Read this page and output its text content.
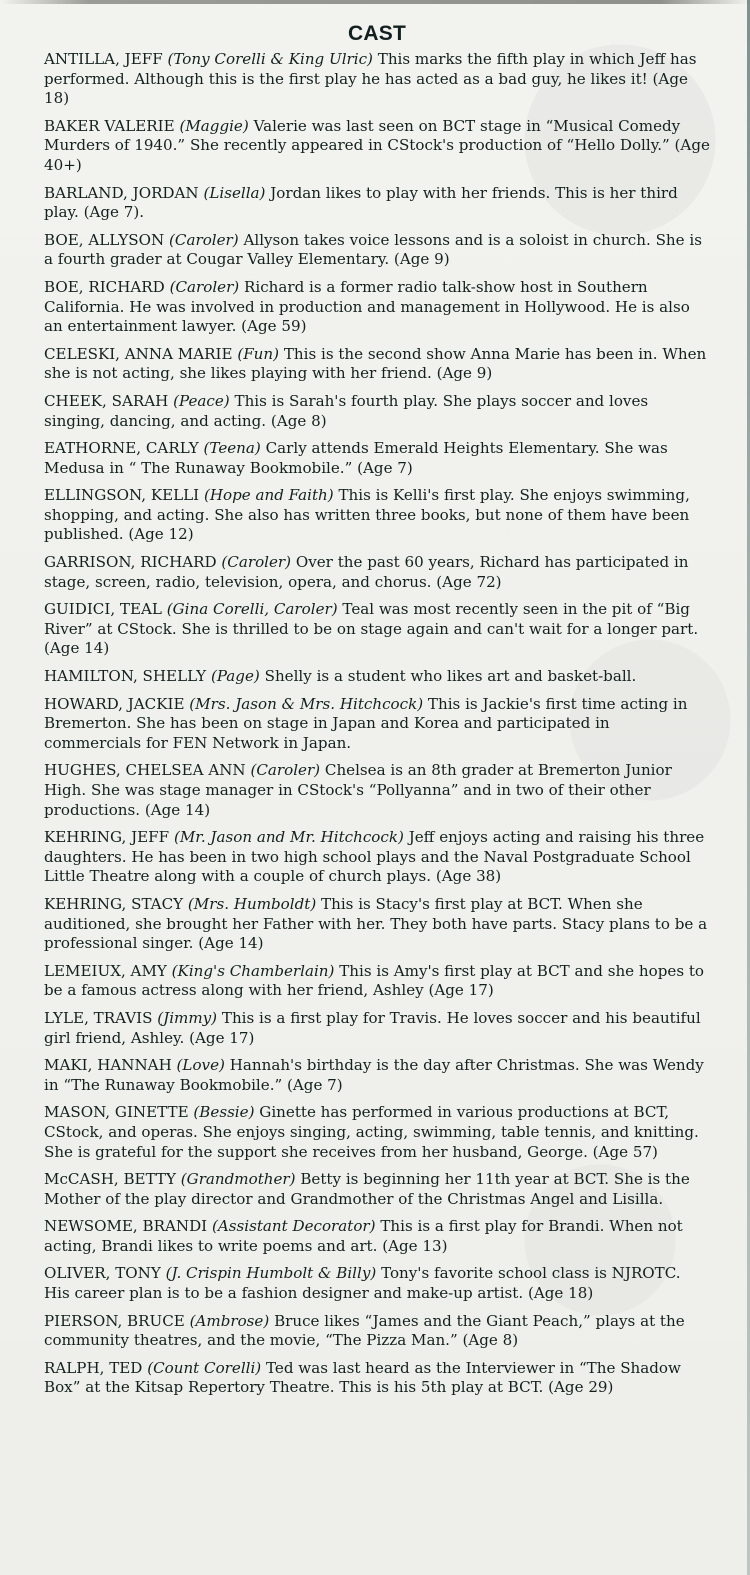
CAST

ANTILLA, JEFF (Tony Corelli & King Ulric) This marks the fifth play in which Jeff has performed. Although this is the first play he has acted as a bad guy, he likes it! (Age 18)

BAKER VALERIE (Maggie) Valerie was last seen on BCT stage in “Musical Comedy Murders of 1940.” She recently appeared in CStock's production of “Hello Dolly.” (Age 40+)

BARLAND, JORDAN (Lisella) Jordan likes to play with her friends. This is her third play. (Age 7).

BOE, ALLYSON (Caroler) Allyson takes voice lessons and is a soloist in church. She is a fourth grader at Cougar Valley Elementary. (Age 9)

BOE, RICHARD (Caroler) Richard is a former radio talk-show host in Southern California. He was involved in production and management in Hollywood. He is also an entertainment lawyer. (Age 59)

CELESKI, ANNA MARIE (Fun) This is the second show Anna Marie has been in. When she is not acting, she likes playing with her friend. (Age 9)

CHEEK, SARAH (Peace) This is Sarah's fourth play. She plays soccer and loves singing, dancing, and acting. (Age 8)

EATHORNE, CARLY (Teena) Carly attends Emerald Heights Elementary. She was Medusa in “ The Runaway Bookmobile.” (Age 7)

ELLINGSON, KELLI (Hope and Faith) This is Kelli's first play. She enjoys swimming, shopping, and acting. She also has written three books, but none of them have been published. (Age 12)

GARRISON, RICHARD (Caroler) Over the past 60 years, Richard has participated in stage, screen, radio, television, opera, and chorus. (Age 72)

GUIDICI, TEAL (Gina Corelli, Caroler) Teal was most recently seen in the pit of “Big River” at CStock. She is thrilled to be on stage again and can't wait for a longer part. (Age 14)

HAMILTON, SHELLY (Page) Shelly is a student who likes art and basket-ball.

HOWARD, JACKIE (Mrs. Jason & Mrs. Hitchcock) This is Jackie's first time acting in Bremerton. She has been on stage in Japan and Korea and participated in commercials for FEN Network in Japan.

HUGHES, CHELSEA ANN (Caroler) Chelsea is an 8th grader at Bremerton Junior High. She was stage manager in CStock's “Pollyanna” and in two of their other productions. (Age 14)

KEHRING, JEFF (Mr. Jason and Mr. Hitchcock) Jeff enjoys acting and raising his three daughters. He has been in two high school plays and the Naval Postgraduate School Little Theatre along with a couple of church plays. (Age 38)

KEHRING, STACY (Mrs. Humboldt) This is Stacy's first play at BCT. When she auditioned, she brought her Father with her. They both have parts. Stacy plans to be a professional singer. (Age 14)

LEMEIUX, AMY (King's Chamberlain) This is Amy's first play at BCT and she hopes to be a famous actress along with her friend, Ashley (Age 17)

LYLE, TRAVIS (Jimmy) This is a first play for Travis. He loves soccer and his beautiful girl friend, Ashley. (Age 17)

MAKI, HANNAH (Love) Hannah's birthday is the day after Christmas. She was Wendy in “The Runaway Bookmobile.” (Age 7)

MASON, GINETTE (Bessie) Ginette has performed in various productions at BCT, CStock, and operas. She enjoys singing, acting, swimming, table tennis, and knitting. She is grateful for the support she receives from her husband, George. (Age 57)

McCASH, BETTY (Grandmother) Betty is beginning her 11th year at BCT. She is the Mother of the play director and Grandmother of the Christmas Angel and Lisilla.

NEWSOME, BRANDI (Assistant Decorator) This is a first play for Brandi. When not acting, Brandi likes to write poems and art. (Age 13)

OLIVER, TONY (J. Crispin Humbolt & Billy) Tony's favorite school class is NJROTC. His career plan is to be a fashion designer and make-up artist. (Age 18)

PIERSON, BRUCE (Ambrose) Bruce likes “James and the Giant Peach,” plays at the community theatres, and the movie, “The Pizza Man.” (Age 8)

RALPH, TED (Count Corelli) Ted was last heard as the Interviewer in “The Shadow Box” at the Kitsap Repertory Theatre. This is his 5th play at BCT. (Age 29)
